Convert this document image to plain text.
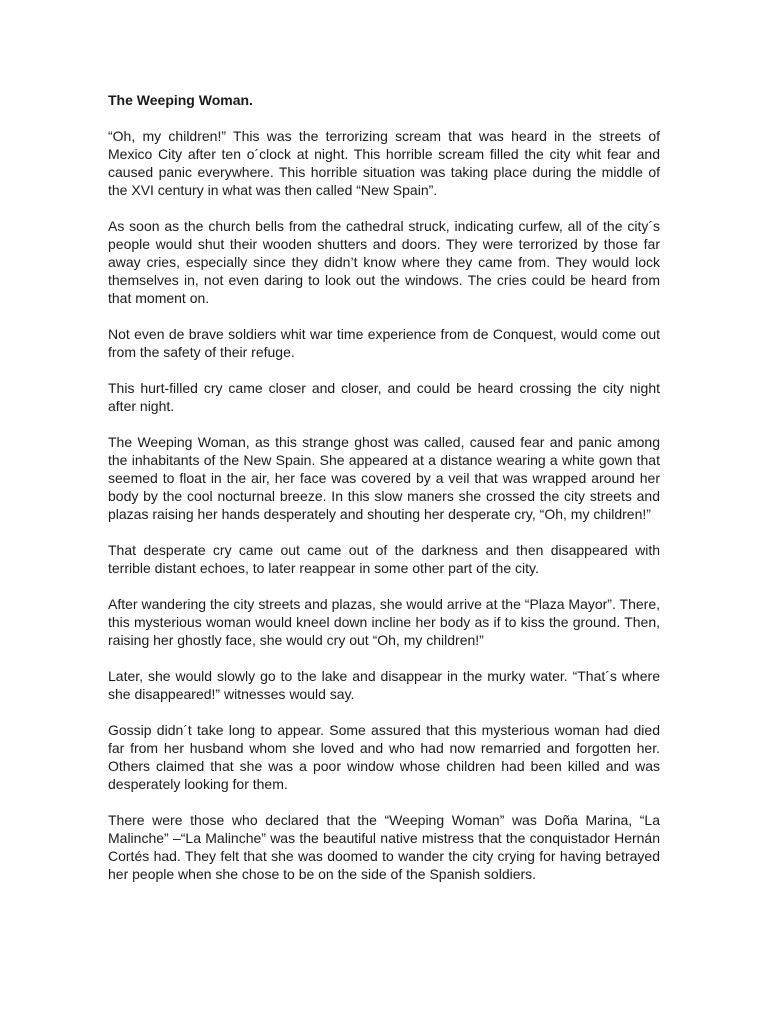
The Weeping Woman.

“Oh, my children!” This was the terrorizing scream that was heard in the streets of Mexico City after ten o´clock at night. This horrible scream filled the city whit fear and caused panic everywhere. This horrible situation was taking place during the middle of the XVI century in what was then called “New Spain”.

As soon as the church bells from the cathedral struck, indicating curfew, all of the city´s people would shut their wooden shutters and doors. They were terrorized by those far away cries, especially since they didn’t know where they came from. They would lock themselves in, not even daring to look out the windows. The cries could be heard from that moment on.

Not even de brave soldiers whit war time experience from de Conquest, would come out from the safety of their refuge.

This hurt-filled cry came closer and closer, and could be heard crossing the city night after night.

The Weeping Woman, as this strange ghost was called, caused fear and panic among the inhabitants of the New Spain. She appeared at a distance wearing a white gown that seemed to float in the air, her face was covered by a veil that was wrapped around her body by the cool nocturnal breeze. In this slow maners she crossed the city streets and plazas raising her hands desperately and shouting her desperate cry, “Oh, my children!”

That desperate cry came out came out of the darkness and then disappeared with terrible distant echoes, to later reappear in some other part of the city.

After wandering the city streets and plazas, she would arrive at the “Plaza Mayor”. There, this mysterious woman would kneel down incline her body as if to kiss the ground. Then, raising her ghostly face, she would cry out “Oh, my children!”

Later, she would slowly go to the lake and disappear in the murky water. “That´s where she disappeared!” witnesses would say.

Gossip didn´t take long to appear. Some assured that this mysterious woman had died far from her husband whom she loved and who had now remarried and forgotten her. Others claimed that she was a poor window whose children had been killed and was desperately looking for them.

There were those who declared that the “Weeping Woman” was Doña Marina, “La Malinche” –“La Malinche” was the beautiful native mistress that the conquistador Hernán Cortés had. They felt that she was doomed to wander the city crying for having betrayed her people when she chose to be on the side of the Spanish soldiers.
